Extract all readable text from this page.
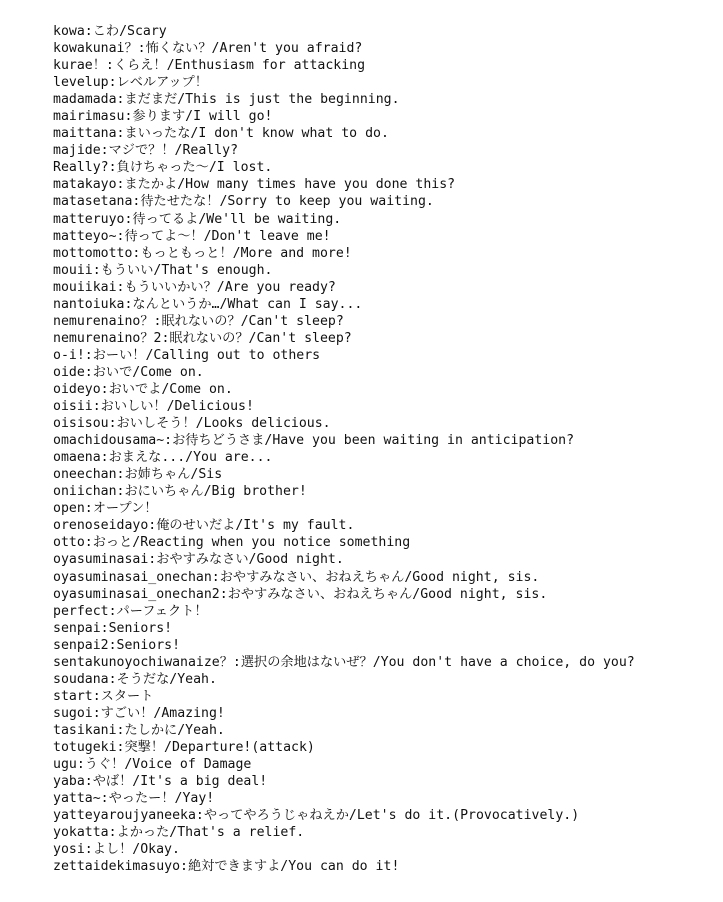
kowa:こわ/Scary
kowakunai？:怖くない？/Aren't you afraid?
kurae！:くらえ！/Enthusiasm for attacking
levelup:レベルアップ！
madamada:まだまだ/This is just the beginning.
mairimasu:参ります/I will go!
maittana:まいったな/I don't know what to do.
majide:マジで？！/Really?
Really?:負けちゃった～/I lost.
matakayo:またかよ/How many times have you done this?
matasetana:待たせたな！/Sorry to keep you waiting.
matteruyo:待ってるよ/We'll be waiting.
matteyo~:待ってよ～！/Don't leave me!
mottomotto:もっともっと！/More and more!
mouii:もういい/That's enough.
mouiikai:もういいかい？/Are you ready?
nantoiuka:なんというか…/What can I say...
nemurenaino？:眠れないの？/Can't sleep?
nemurenaino？2:眠れないの？/Can't sleep?
o-i!:おーい！/Calling out to others
oide:おいで/Come on.
oideyo:おいでよ/Come on.
oisii:おいしい！/Delicious!
oisisou:おいしそう！/Looks delicious.
omachidousama~:お待ちどうさま/Have you been waiting in anticipation?
omaena:おまえな.../You are...
oneechan:お姉ちゃん/Sis
oniichan:おにいちゃん/Big brother!
open:オープン！
orenoseidayo:俺のせいだよ/It's my fault.
otto:おっと/Reacting when you notice something
oyasuminasai:おやすみなさい/Good night.
oyasuminasai_onechan:おやすみなさい、おねえちゃん/Good night, sis.
oyasuminasai_onechan2:おやすみなさい、おねえちゃん/Good night, sis.
perfect:パーフェクト！
senpai:Seniors!
senpai2:Seniors!
sentakunoyochiwanaize？:選択の余地はないぜ？/You don't have a choice, do you?
soudana:そうだな/Yeah.
start:スタート
sugoi:すごい！/Amazing!
tasikani:たしかに/Yeah.
totugeki:突撃！/Departure!(attack)
ugu:うぐ！/Voice of Damage
yaba:やば！/It's a big deal!
yatta~:やったー！/Yay!
yatteyaroujyaneeka:やってやろうじゃねえか/Let's do it.(Provocatively.)
yokatta:よかった/That's a relief.
yosi:よし！/Okay.
zettaidekimasuyo:絶対できますよ/You can do it!
